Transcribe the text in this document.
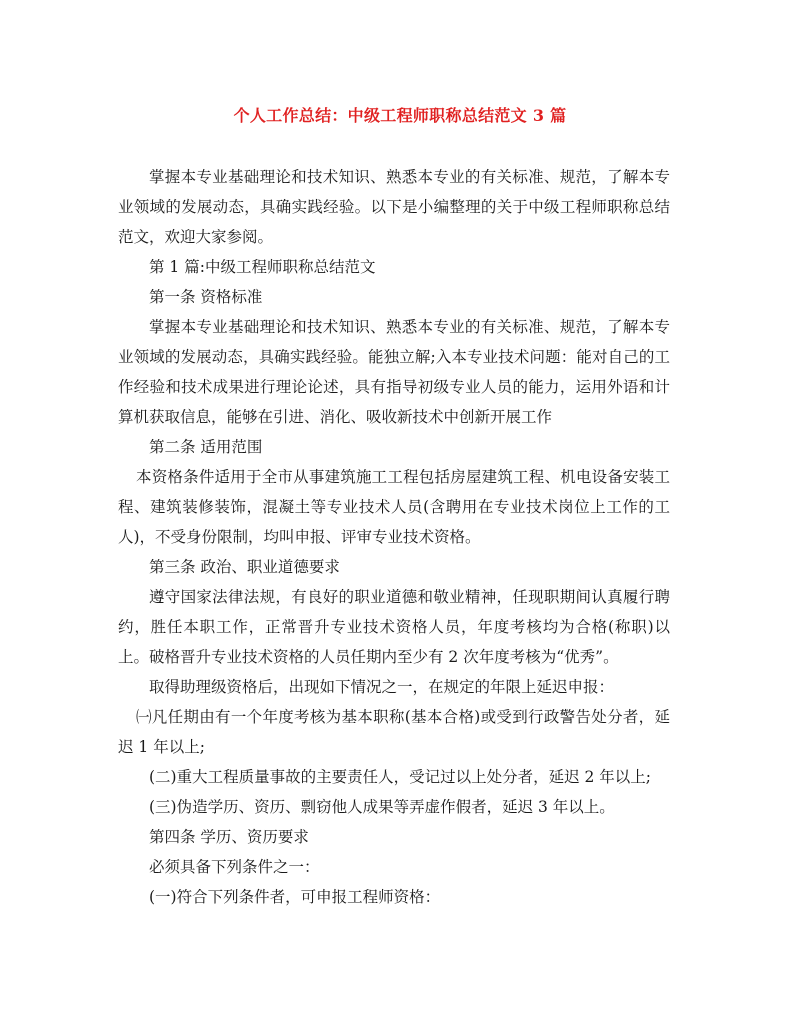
个人工作总结：中级工程师职称总结范文 3 篇

掌握本专业基础理论和技术知识、熟悉本专业的有关标准、规范，了解本专业领域的发展动态，具确实践经验。以下是小编整理的关于中级工程师职称总结范文，欢迎大家参阅。

第 1 篇:中级工程师职称总结范文

第一条 资格标准

掌握本专业基础理论和技术知识、熟悉本专业的有关标准、规范，了解本专业领域的发展动态，具确实践经验。能独立解;入本专业技术问题：能对自己的工作经验和技术成果进行理论论述，具有指导初级专业人员的能力，运用外语和计算机获取信息，能够在引进、消化、吸收新技术中创新开展工作

第二条 适用范围

本资格条件适用于全市从事建筑施工工程包括房屋建筑工程、机电设备安装工程、建筑装修装饰，混凝土等专业技术人员(含聘用在专业技术岗位上工作的工人)，不受身份限制，均叫申报、评审专业技术资格。

第三条 政治、职业道德要求

遵守国家法律法规，有良好的职业道德和敬业精神，任现职期间认真履行聘约，胜任本职工作，正常晋升专业技术资格人员，年度考核均为合格(称职)以上。破格晋升专业技术资格的人员任期内至少有 2 次年度考核为“优秀”。

取得助理级资格后，出现如下情况之一，在规定的年限上延迟申报：

㈠凡任期由有一个年度考核为基本职称(基本合格)或受到行政警告处分者，延迟 1 年以上;

(二)重大工程质量事故的主要责任人，受记过以上处分者，延迟 2 年以上;

(三)伪造学历、资历、剽窃他人成果等弄虚作假者，延迟 3 年以上。

第四条 学历、资历要求

必须具备下列条件之一：

(一)符合下列条件者，可申报工程师资格：
